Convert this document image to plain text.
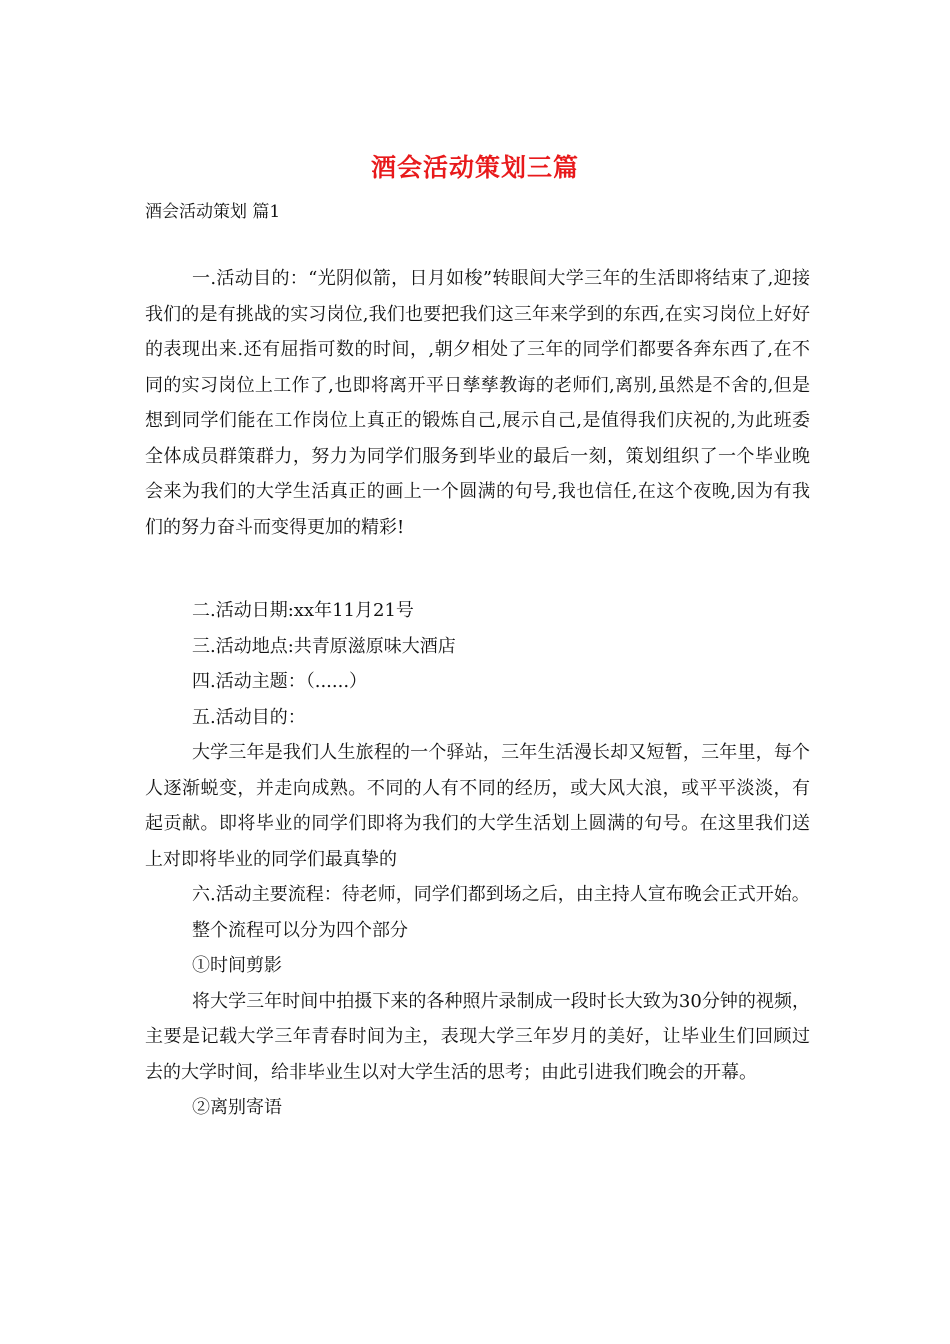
酒会活动策划三篇
酒会活动策划 篇1

一.活动目的：“光阴似箭，日月如梭”转眼间大学三年的生活即将结束了,迎接我们的是有挑战的实习岗位,我们也要把我们这三年来学到的东西,在实习岗位上好好的表现出来.还有屈指可数的时间，,朝夕相处了三年的同学们都要各奔东西了,在不同的实习岗位上工作了,也即将离开平日孳孳教诲的老师们,离别,虽然是不舍的,但是想到同学们能在工作岗位上真正的锻炼自己,展示自己,是值得我们庆祝的,为此班委全体成员群策群力，努力为同学们服务到毕业的最后一刻，策划组织了一个毕业晚会来为我们的大学生活真正的画上一个圆满的句号,我也信任,在这个夜晚,因为有我们的努力奋斗而变得更加的精彩!

二.活动日期:xx年11月21号

三.活动地点:共青原滋原味大酒店

四.活动主题：（......）

五.活动目的：

大学三年是我们人生旅程的一个驿站，三年生活漫长却又短暂，三年里，每个人逐渐蜕变，并走向成熟。不同的人有不同的经历，或大风大浪，或平平淡淡，有起贡献。即将毕业的同学们即将为我们的大学生活划上圆满的句号。在这里我们送上对即将毕业的同学们最真挚的

六.活动主要流程：待老师，同学们都到场之后，由主持人宣布晚会正式开始。

整个流程可以分为四个部分

①时间剪影

将大学三年时间中拍摄下来的各种照片录制成一段时长大致为30分钟的视频，主要是记载大学三年青春时间为主，表现大学三年岁月的美好，让毕业生们回顾过去的大学时间，给非毕业生以对大学生活的思考；由此引进我们晚会的开幕。

②离别寄语
